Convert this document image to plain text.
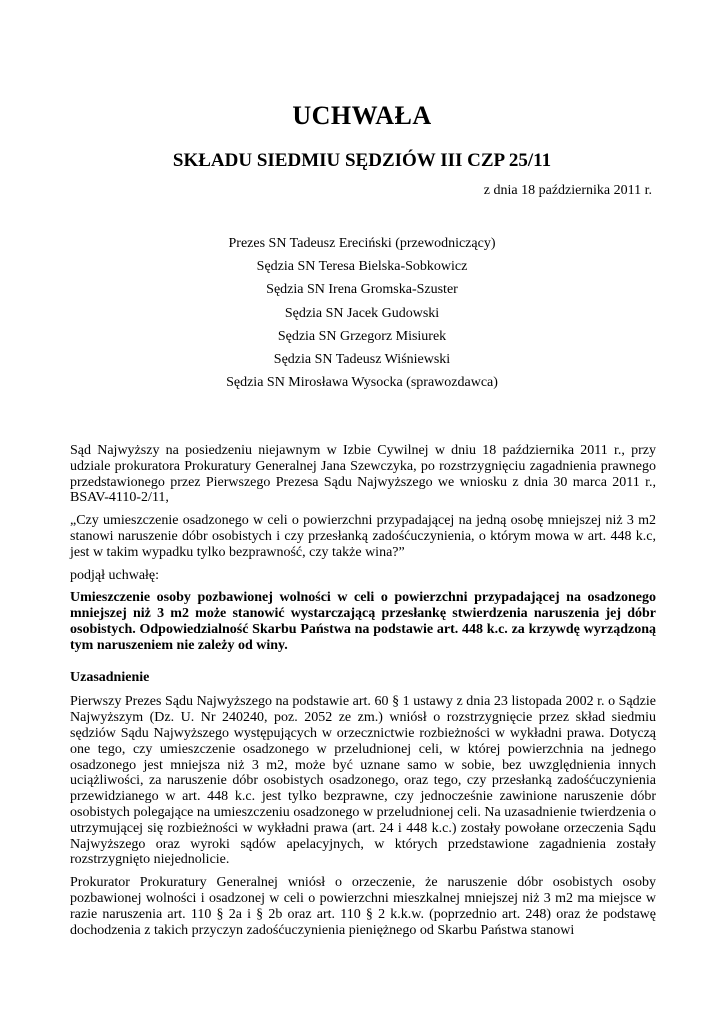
UCHWAŁA
SKŁADU SIEDMIU SĘDZIÓW III CZP 25/11
z dnia 18 października 2011 r.
Prezes SN Tadeusz Ereciński (przewodniczący)
Sędzia SN Teresa Bielska-Sobkowicz
Sędzia SN Irena Gromska-Szuster
Sędzia SN Jacek Gudowski
Sędzia SN Grzegorz Misiurek
Sędzia SN Tadeusz Wiśniewski
Sędzia SN Mirosława Wysocka (sprawozdawca)

Sąd Najwyższy na posiedzeniu niejawnym w Izbie Cywilnej w dniu 18 października 2011 r., przy udziale prokuratora Prokuratury Generalnej Jana Szewczyka, po rozstrzygnięciu zagadnienia prawnego przedstawionego przez Pierwszego Prezesa Sądu Najwyższego we wniosku z dnia 30 marca 2011 r., BSAV-4110-2/11,

„Czy umieszczenie osadzonego w celi o powierzchni przypadającej na jedną osobę mniejszej niż 3 m2 stanowi naruszenie dóbr osobistych i czy przesłanką zadośćuczynienia, o którym mowa w art. 448 k.c, jest w takim wypadku tylko bezprawność, czy także wina?”

podjął uchwałę:

Umieszczenie osoby pozbawionej wolności w celi o powierzchni przypadającej na osadzonego mniejszej niż 3 m2 może stanowić wystarczającą przesłankę stwierdzenia naruszenia jej dóbr osobistych. Odpowiedzialność Skarbu Państwa na podstawie art. 448 k.c. za krzywdę wyrządzoną tym naruszeniem nie zależy od winy.

Uzasadnienie

Pierwszy Prezes Sądu Najwyższego na podstawie art. 60 § 1 ustawy z dnia 23 listopada 2002 r. o Sądzie Najwyższym (Dz. U. Nr 240240, poz. 2052 ze zm.) wniósł o rozstrzygnięcie przez skład siedmiu sędziów Sądu Najwyższego występujących w orzecznictwie rozbieżności w wykładni prawa. Dotyczą one tego, czy umieszczenie osadzonego w przeludnionej celi, w której powierzchnia na jednego osadzonego jest mniejsza niż 3 m2, może być uznane samo w sobie, bez uwzględnienia innych uciążliwości, za naruszenie dóbr osobistych osadzonego, oraz tego, czy przesłanką zadośćuczynienia przewidzianego w art. 448 k.c. jest tylko bezprawne, czy jednocześnie zawinione naruszenie dóbr osobistych polegające na umieszczeniu osadzonego w przeludnionej celi. Na uzasadnienie twierdzenia o utrzymującej się rozbieżności w wykładni prawa (art. 24 i 448 k.c.) zostały powołane orzeczenia Sądu Najwyższego oraz wyroki sądów apelacyjnych, w których przedstawione zagadnienia zostały rozstrzygnięto niejednolicie.

Prokurator Prokuratury Generalnej wniósł o orzeczenie, że naruszenie dóbr osobistych osoby pozbawionej wolności i osadzonej w celi o powierzchni mieszkalnej mniejszej niż 3 m2 ma miejsce w razie naruszenia art. 110 § 2a i § 2b oraz art. 110 § 2 k.k.w. (poprzednio art. 248) oraz że podstawę dochodzenia z takich przyczyn zadośćuczynienia pieniężnego od Skarbu Państwa stanowi
